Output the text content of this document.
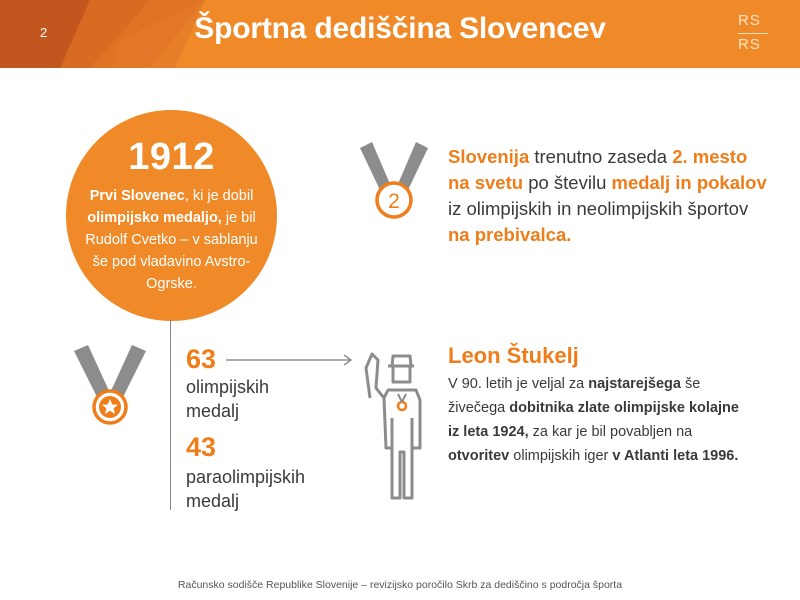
2	Športna dediščina Slovencev	RS
RS
1912
Prvi Slovenec, ki je dobil olimpijsko medaljo, je bil Rudolf Cvetko – v sablanju še pod vladavino Avstro-Ogrske.
2
Slovenija trenutno zaseda 2. mesto na svetu po številu medalj in pokalov iz olimpijskih in neolimpijskih športov na prebivalca.
63
olimpijskih medalj
43
paraolimpijskih medalj
Leon Štukelj
V 90. letih je veljal za najstarejšega še živečega dobitnika zlate olimpijske kolajne iz leta 1924, za kar je bil povabljen na otvoritev olimpijskih iger v Atlanti leta 1996.
Računsko sodišče Republike Slovenije – revizijsko poročilo Skrb za dediščino s področja športa
